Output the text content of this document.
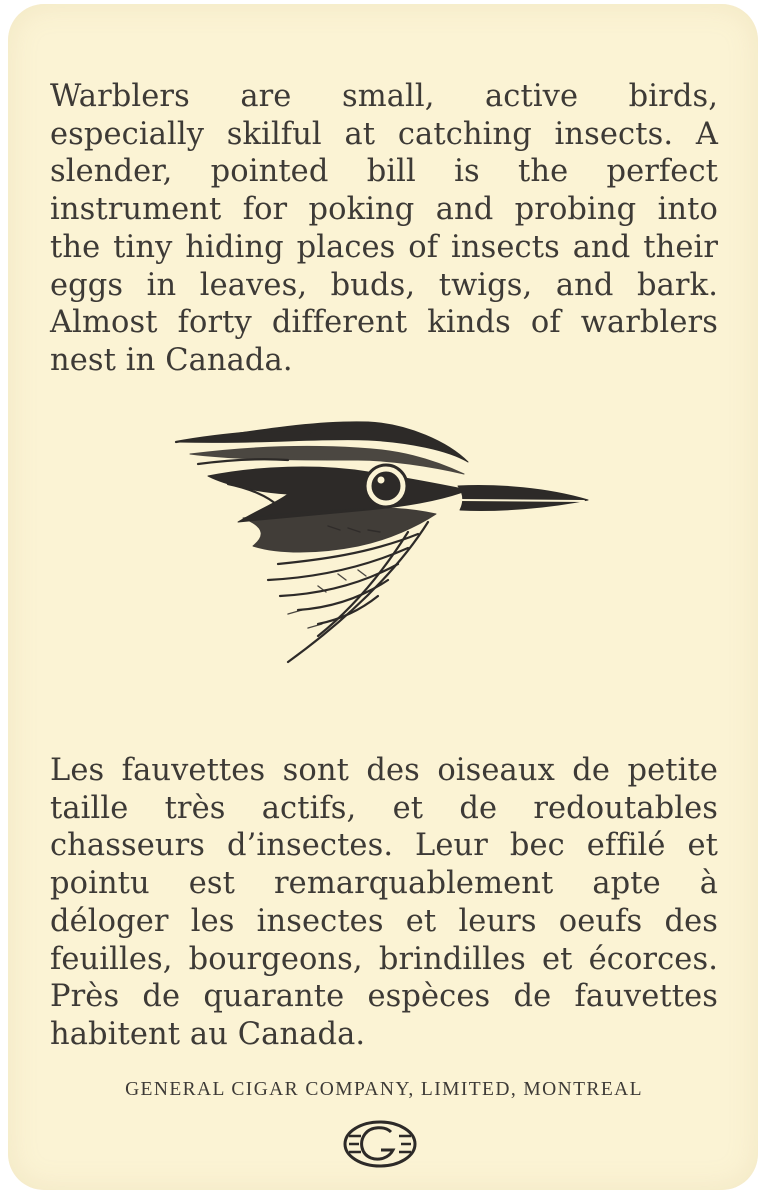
Warblers are small, active birds, especially skilful at catching insects. A slender, pointed bill is the perfect instrument for poking and probing into the tiny hiding places of insects and their eggs in leaves, buds, twigs, and bark. Almost forty different kinds of warblers nest in Canada.
Les fauvettes sont des oiseaux de petite taille très actifs, et de redoutables chasseurs d’insectes. Leur bec effilé et pointu est remarquablement apte à déloger les insectes et leurs oeufs des feuilles, bourgeons, brindilles et écorces. Près de quarante espèces de fauvettes habitent au Canada.
GENERAL CIGAR COMPANY, LIMITED, MONTREAL
